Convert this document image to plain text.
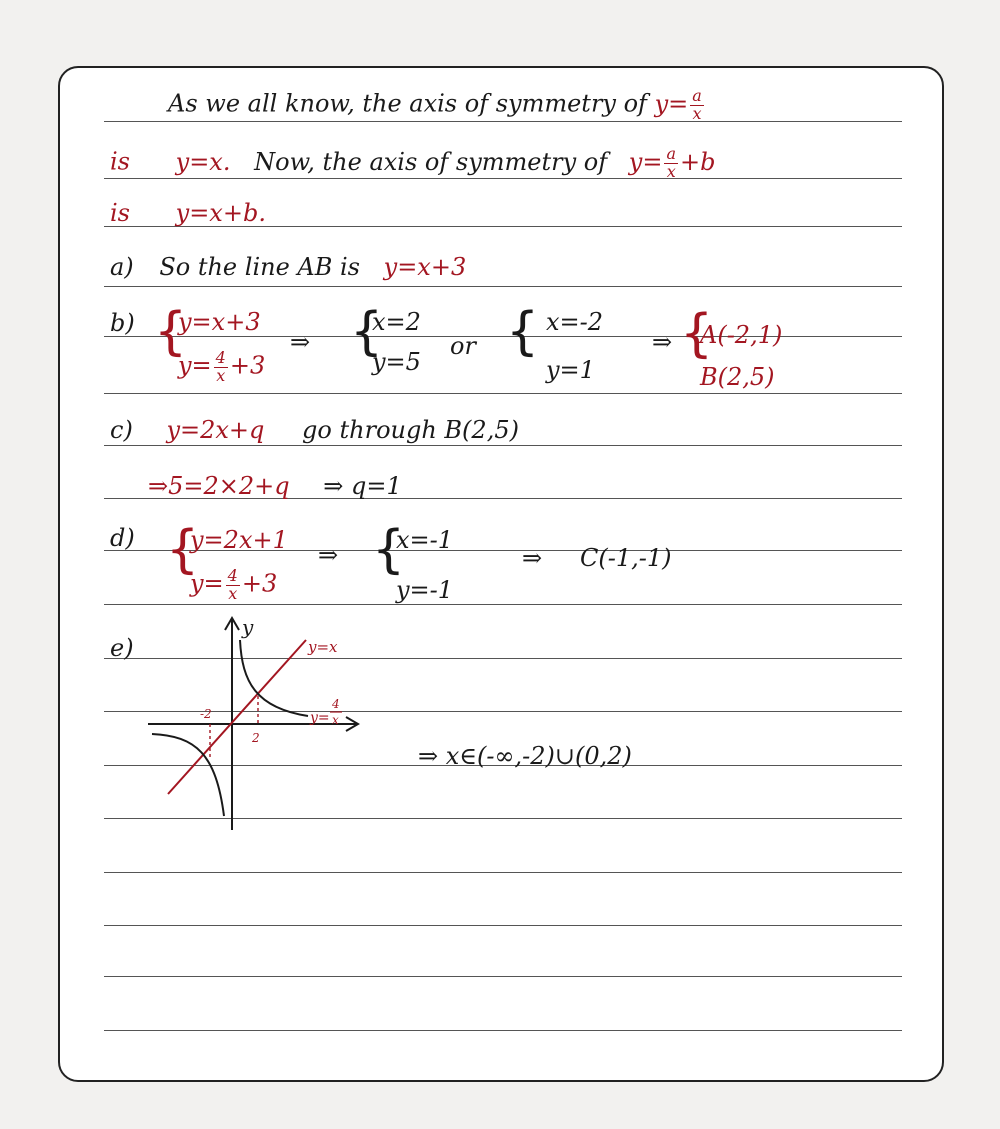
As we all know, the axis of symmetry of $y= \frac{a}{x}$
is y=x. Now, the axis of symmetry of $y= \frac{a}{x} +b$
is y=x+b.
a) So the line AB is y=x+3
b) {
y=x+3
$y= \frac{4}{x} +3$
⇒ {
x=2
y=5
or { x=-2
y=1
⇒ {
A(-2,1)
B(2,5)
c) y=2x+q go through B(2,5)
⇒5=2×2+q ⇒ q=1
d) {
y=2x+1
$y= \frac{4}{x} +3$
⇒ {
x=-1
y=-1
⇒ C(-1,-1)
e)
y
y=x
-2
2
y=
4
x
⇒ x∈(-∞,-2)∪(0,2)
